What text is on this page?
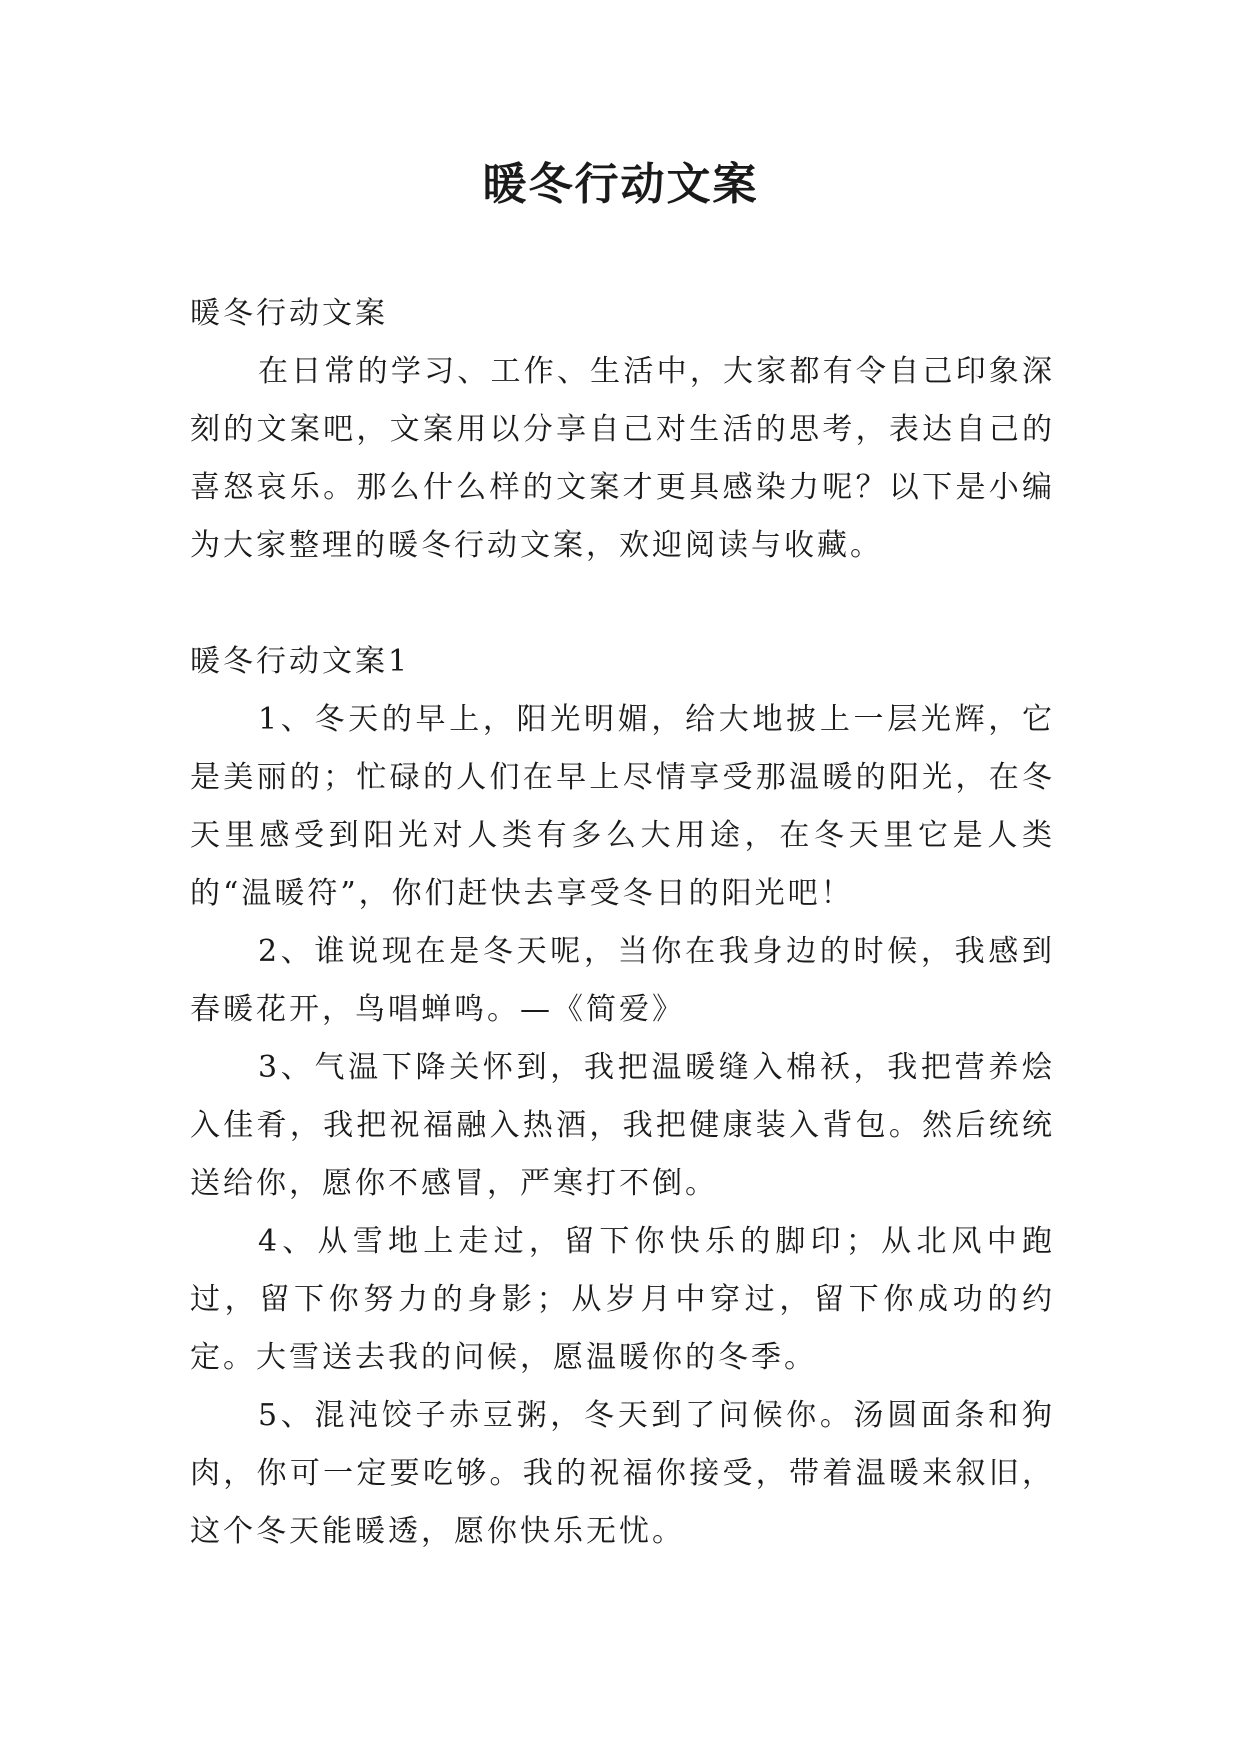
暖冬行动文案

暖冬行动文案

在日常的学习、工作、生活中，大家都有令自己印象深刻的文案吧，文案用以分享自己对生活的思考，表达自己的喜怒哀乐。那么什么样的文案才更具感染力呢？以下是小编为大家整理的暖冬行动文案，欢迎阅读与收藏。

暖冬行动文案1

1、冬天的早上，阳光明媚，给大地披上一层光辉，它是美丽的；忙碌的人们在早上尽情享受那温暖的阳光，在冬天里感受到阳光对人类有多么大用途，在冬天里它是人类的“温暖符”，你们赶快去享受冬日的阳光吧！

2、谁说现在是冬天呢，当你在我身边的时候，我感到春暖花开，鸟唱蝉鸣。—《简爱》

3、气温下降关怀到，我把温暖缝入棉袄，我把营养烩入佳肴，我把祝福融入热酒，我把健康装入背包。然后统统送给你，愿你不感冒，严寒打不倒。

4、从雪地上走过，留下你快乐的脚印；从北风中跑过，留下你努力的身影；从岁月中穿过，留下你成功的约定。大雪送去我的问候，愿温暖你的冬季。

5、混沌饺子赤豆粥，冬天到了问候你。汤圆面条和狗肉，你可一定要吃够。我的祝福你接受，带着温暖来叙旧，这个冬天能暖透，愿你快乐无忧。
